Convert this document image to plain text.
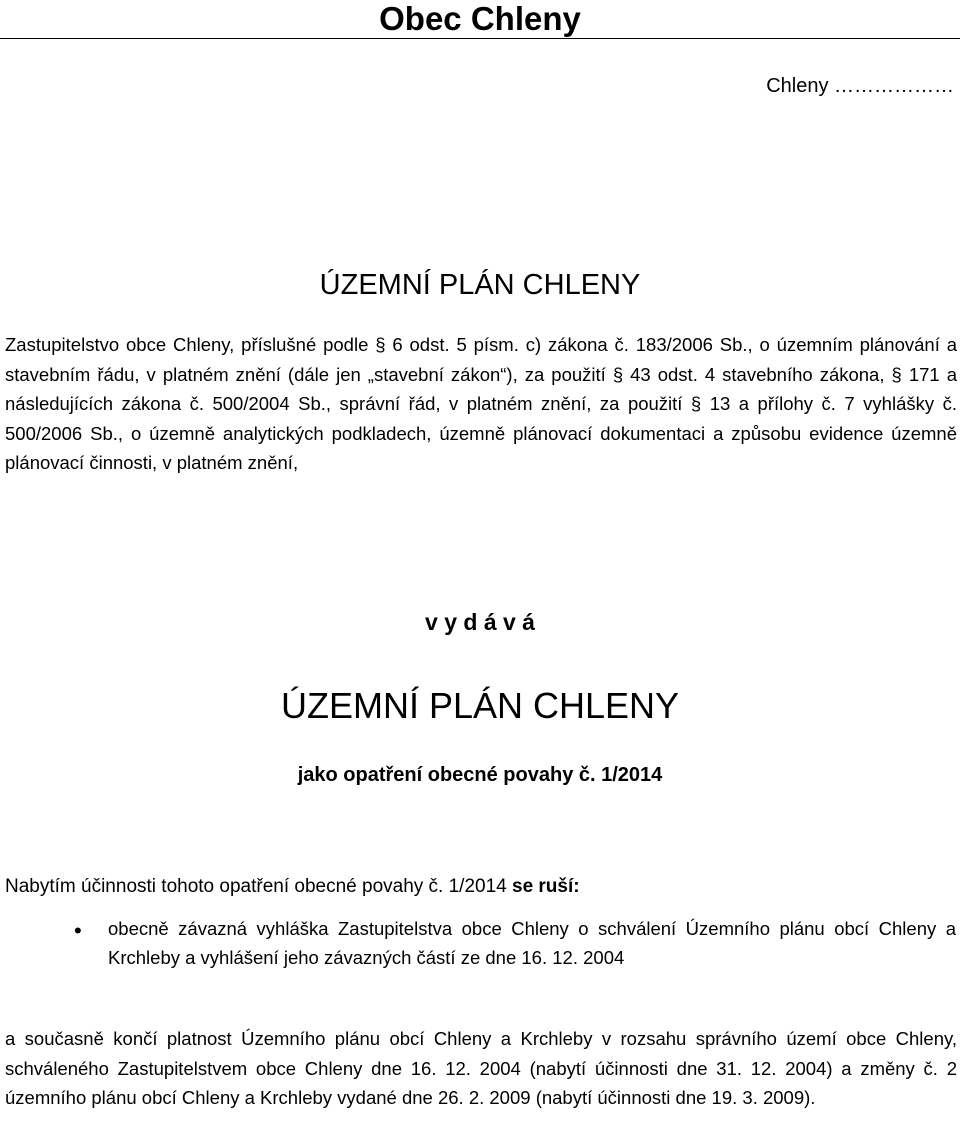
Obec Chleny
Chleny ………………
ÚZEMNÍ PLÁN CHLENY
Zastupitelstvo obce Chleny, příslušné podle § 6 odst. 5 písm. c) zákona č. 183/2006 Sb., o územním plánování a stavebním řádu, v platném znění (dále jen „stavební zákon“), za použití § 43 odst. 4 stavebního zákona, § 171 a následujících zákona č. 500/2004 Sb., správní řád, v platném znění, za použití § 13 a přílohy č. 7 vyhlášky č. 500/2006 Sb., o územně analytických podkladech, územně plánovací dokumentaci a způsobu evidence územně plánovací činnosti, v platném znění,
v y d á v á
ÚZEMNÍ PLÁN CHLENY
jako opatření obecné povahy č. 1/2014
Nabytím účinnosti tohoto opatření obecné povahy č. 1/2014 se ruší:
• obecně závazná vyhláška Zastupitelstva obce Chleny o schválení Územního plánu obcí Chleny a Krchleby a vyhlášení jeho závazných částí ze dne 16. 12. 2004
a současně končí platnost Územního plánu obcí Chleny a Krchleby v rozsahu správního území obce Chleny, schváleného Zastupitelstvem obce Chleny dne 16. 12. 2004 (nabytí účinnosti dne 31. 12. 2004) a změny č. 2 územního plánu obcí Chleny a Krchleby vydané dne 26. 2. 2009 (nabytí účinnosti dne 19. 3. 2009).
